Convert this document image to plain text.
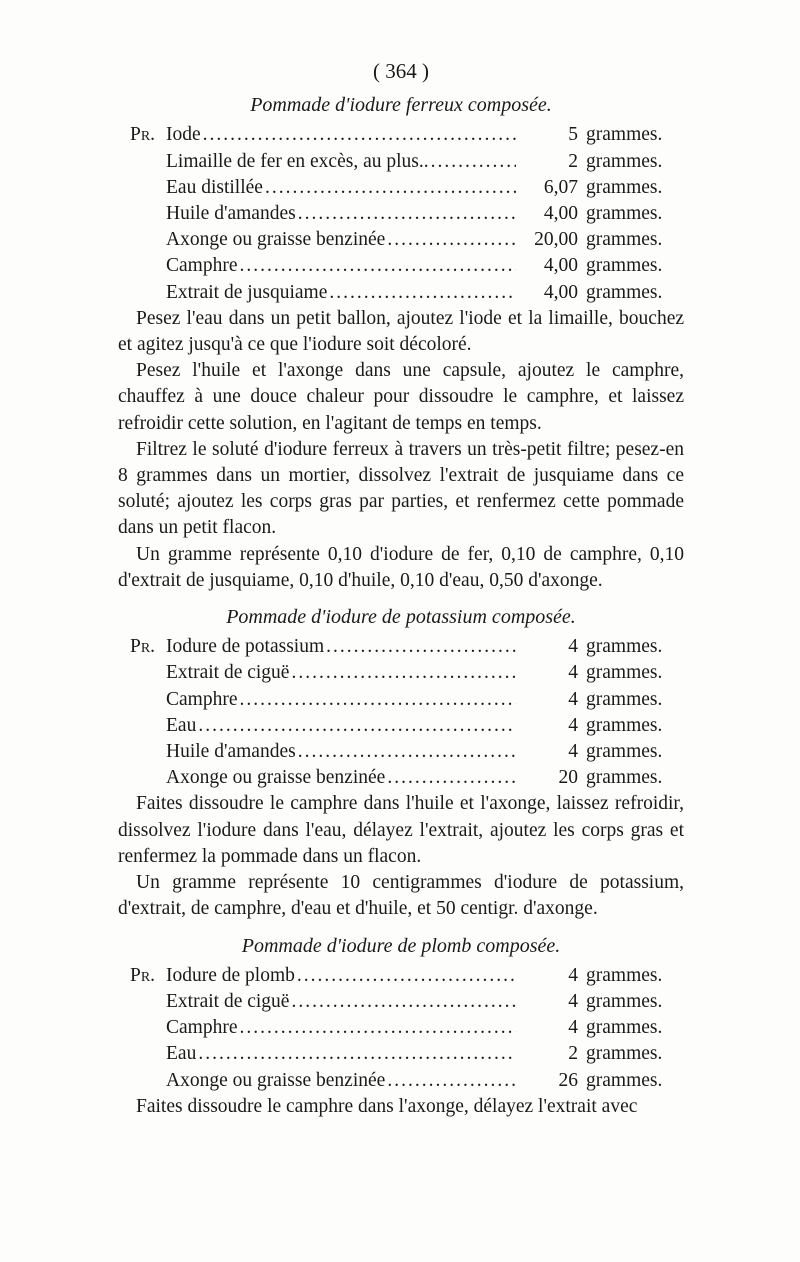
( 364 )
Pommade d'iodure ferreux composée.
Pr. Iode .....	5 grammes.
Limaille de fer en excès, au plus.. .....	2 grammes.
Eau distillée .....	6,07 grammes.
Huile d'amandes .....	4,00 grammes.
Axonge ou graisse benzinée .....	20,00 grammes.
Camphre .....	4,00 grammes.
Extrait de jusquiame .....	4,00 grammes.

Pesez l'eau dans un petit ballon, ajoutez l'iode et la limaille, bouchez et agitez jusqu'à ce que l'iodure soit décoloré.

Pesez l'huile et l'axonge dans une capsule, ajoutez le camphre, chauffez à une douce chaleur pour dissoudre le camphre, et laissez refroidir cette solution, en l'agitant de temps en temps.

Filtrez le soluté d'iodure ferreux à travers un très-petit filtre; pesez-en 8 grammes dans un mortier, dissolvez l'extrait de jusquiame dans ce soluté; ajoutez les corps gras par parties, et renfermez cette pommade dans un petit flacon.

Un gramme représente 0,10 d'iodure de fer, 0,10 de camphre, 0,10 d'extrait de jusquiame, 0,10 d'huile, 0,10 d'eau, 0,50 d'axonge.

Pommade d'iodure de potassium composée.
Pr. Iodure de potassium .....	4 grammes.
Extrait de ciguë .....	4 grammes.
Camphre .....	4 grammes.
Eau .....	4 grammes.
Huile d'amandes .....	4 grammes.
Axonge ou graisse benzinée .....	20 grammes.

Faites dissoudre le camphre dans l'huile et l'axonge, laissez refroidir, dissolvez l'iodure dans l'eau, délayez l'extrait, ajoutez les corps gras et renfermez la pommade dans un flacon.

Un gramme représente 10 centigrammes d'iodure de potassium, d'extrait, de camphre, d'eau et d'huile, et 50 centigr. d'axonge.

Pommade d'iodure de plomb composée.
Pr. Iodure de plomb .....	4 grammes.
Extrait de ciguë .....	4 grammes.
Camphre .....	4 grammes.
Eau .....	2 grammes.
Axonge ou graisse benzinée .....	26 grammes.

Faites dissoudre le camphre dans l'axonge, délayez l'extrait avec
